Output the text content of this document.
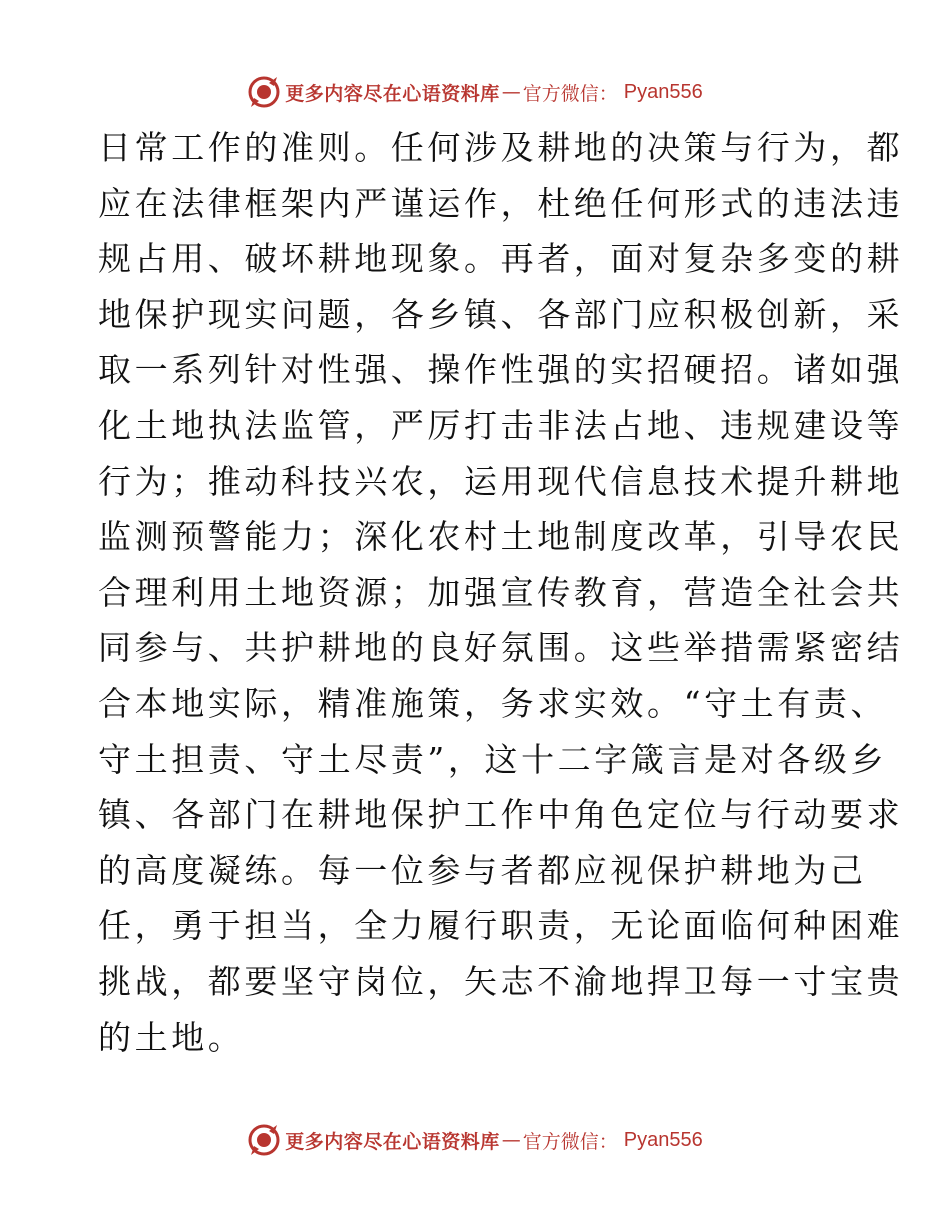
更多内容尽在心语资料库 — 官方微信： Pyan556
日常工作的准则。任何涉及耕地的决策与行为，都
应在法律框架内严谨运作，杜绝任何形式的违法违
规占用、破坏耕地现象。再者，面对复杂多变的耕
地保护现实问题，各乡镇、各部门应积极创新，采
取一系列针对性强、操作性强的实招硬招。诸如强
化土地执法监管，严厉打击非法占地、违规建设等
行为；推动科技兴农，运用现代信息技术提升耕地
监测预警能力；深化农村土地制度改革，引导农民
合理利用土地资源；加强宣传教育，营造全社会共
同参与、共护耕地的良好氛围。这些举措需紧密结
合本地实际，精准施策，务求实效。“守土有责、
守土担责、守土尽责”，这十二字箴言是对各级乡
镇、各部门在耕地保护工作中角色定位与行动要求
的高度凝练。每一位参与者都应视保护耕地为己
任，勇于担当，全力履行职责，无论面临何种困难
挑战，都要坚守岗位，矢志不渝地捍卫每一寸宝贵
的土地。
更多内容尽在心语资料库 — 官方微信： Pyan556
